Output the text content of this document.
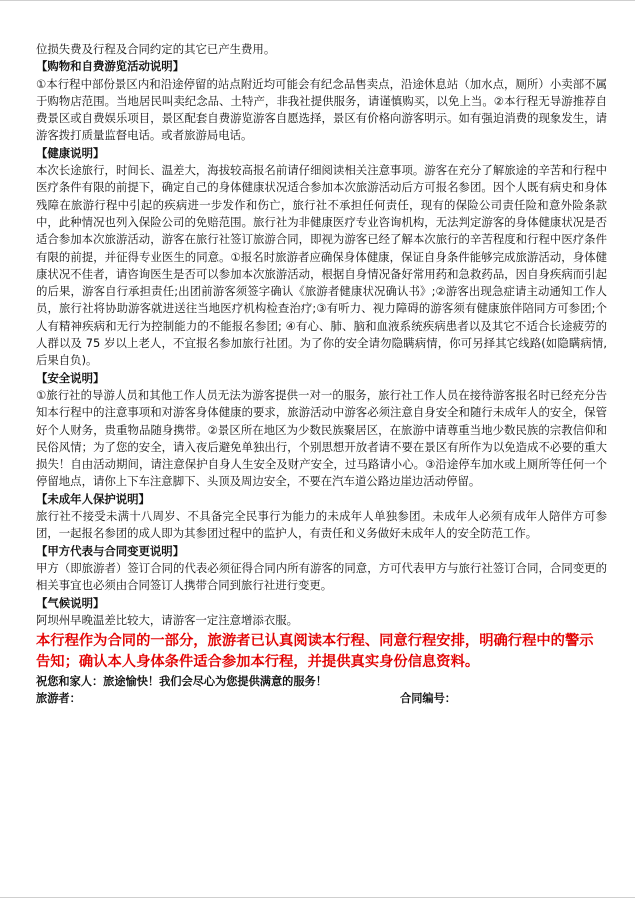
位损失费及行程及合同约定的其它已产生费用。

【购物和自费游览活动说明】

①本行程中部份景区内和沿途停留的站点附近均可能会有纪念品售卖点，沿途休息站（加水点，厕所）小卖部不属于购物店范围。当地居民叫卖纪念品、土特产，非我社提供服务，请谨慎购买，以免上当。②本行程无导游推荐自费景区或自费娱乐项目，景区配套自费游览游客自愿选择，景区有价格向游客明示。如有强迫消费的现象发生，请游客拨打质量监督电话。或者旅游局电话。

【健康说明】

本次长途旅行，时间长、温差大，海拔较高报名前请仔细阅读相关注意事项。游客在充分了解旅途的辛苦和行程中医疗条件有限的前提下，确定自己的身体健康状况适合参加本次旅游活动后方可报名参团。因个人既有病史和身体残障在旅游行程中引起的疾病进一步发作和伤亡，旅行社不承担任何责任，现有的保险公司责任险和意外险条款中，此种情况也列入保险公司的免赔范围。旅行社为非健康医疗专业咨询机构，无法判定游客的身体健康状况是否适合参加本次旅游活动，游客在旅行社签订旅游合同，即视为游客已经了解本次旅行的辛苦程度和行程中医疗条件有限的前提，并征得专业医生的同意。①报名时旅游者应确保身体健康，保证自身条件能够完成旅游活动，身体健康状况不佳者，请咨询医生是否可以参加本次旅游活动，根据自身情况备好常用药和急救药品，因自身疾病而引起的后果，游客自行承担责任;出团前游客须签字确认《旅游者健康状况确认书》;②游客出现急症请主动通知工作人员，旅行社将协助游客就进送往当地医疗机构检查治疗;③有听力、视力障碍的游客须有健康旅伴陪同方可参团;个人有精神疾病和无行为控制能力的不能报名参团; ④有心、肺、脑和血液系统疾病患者以及其它不适合长途疲劳的人群以及 75 岁以上老人，不宜报名参加旅行社团。为了你的安全请勿隐瞒病情，你可另择其它线路(如隐瞒病情,后果自负)。

【安全说明】

①旅行社的导游人员和其他工作人员无法为游客提供一对一的服务，旅行社工作人员在接待游客报名时已经充分告知本行程中的注意事项和对游客身体健康的要求，旅游活动中游客必须注意自身安全和随行未成年人的安全，保管好个人财务，贵重物品随身携带。②景区所在地区为少数民族聚居区，在旅游中请尊重当地少数民族的宗教信仰和民俗风情；为了您的安全，请入夜后避免单独出行，个别思想开放者请不要在景区有所作为以免造成不必要的重大损失！自由活动期间，请注意保护自身人生安全及财产安全，过马路请小心。③沿途停车加水或上厕所等任何一个停留地点，请你上下车注意脚下、头顶及周边安全，不要在汽车道公路边崖边活动停留。

【未成年人保护说明】

旅行社不接受未满十八周岁、不具备完全民事行为能力的未成年人单独参团。未成年人必须有成年人陪伴方可参团，一起报名参团的成人即为其参团过程中的监护人，有责任和义务做好未成年人的安全防范工作。

【甲方代表与合同变更说明】

甲方（即旅游者）签订合同的代表必须征得合同内所有游客的同意，方可代表甲方与旅行社签订合同，合同变更的相关事宜也必须由合同签订人携带合同到旅行社进行变更。

【气候说明】

阿坝州早晚温差比较大，请游客一定注意增添衣服。

本行程作为合同的一部分，旅游者已认真阅读本行程、同意行程安排，明确行程中的警示告知；确认本人身体条件适合参加本行程，并提供真实身份信息资料。

祝您和家人：旅途愉快！我们会尽心为您提供满意的服务！

旅游者：	合同编号：
